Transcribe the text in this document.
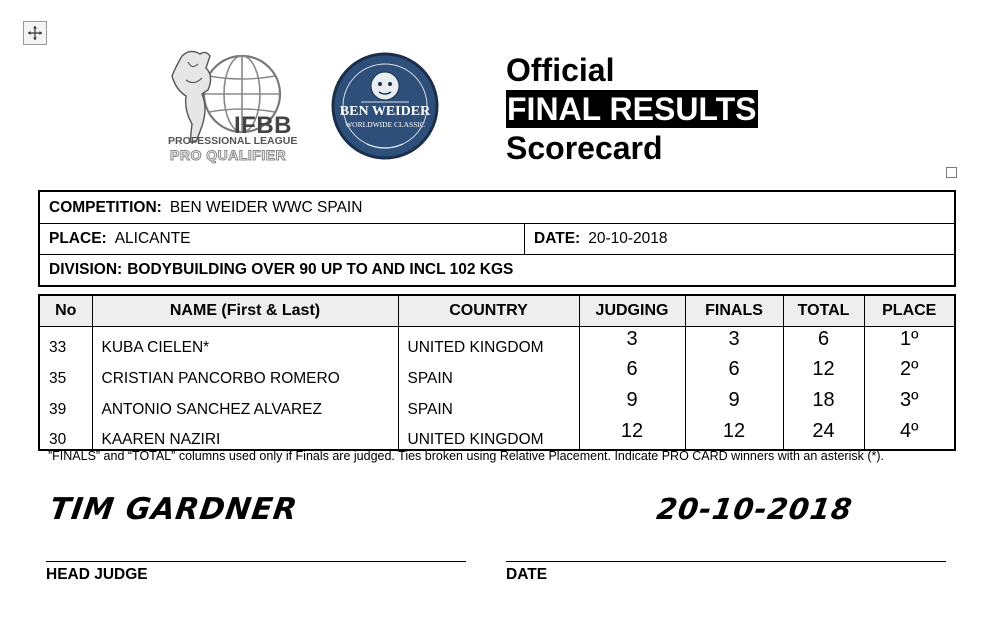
IFBB
PROFESSIONAL LEAGUE
PRO QUALIFIER
BEN WEIDER
WORLDWIDE CLASSIC
Official
FINAL RESULTS
Scorecard
COMPETITION: BEN WEIDER WWC SPAIN
PLACE: ALICANTE	DATE: 20-10-2018
DIVISION: BODYBUILDING OVER 90 UP TO AND INCL 102 KGS
No	NAME (First & Last)	COUNTRY	JUDGING	FINALS	TOTAL	PLACE
33	KUBA CIELEN*	UNITED KINGDOM	3	3	6	1º
35	CRISTIAN PANCORBO ROMERO	SPAIN	6	6	12	2º
39	ANTONIO SANCHEZ ALVAREZ	SPAIN	9	9	18	3º
30	KAAREN NAZIRI	UNITED KINGDOM	12	12	24	4º
”FINALS” and “TOTAL” columns used only if Finals are judged. Ties broken using Relative Placement. Indicate PRO CARD winners with an asterisk (*).
TIM GARDNER	20-10-2018
HEAD JUDGE	DATE
